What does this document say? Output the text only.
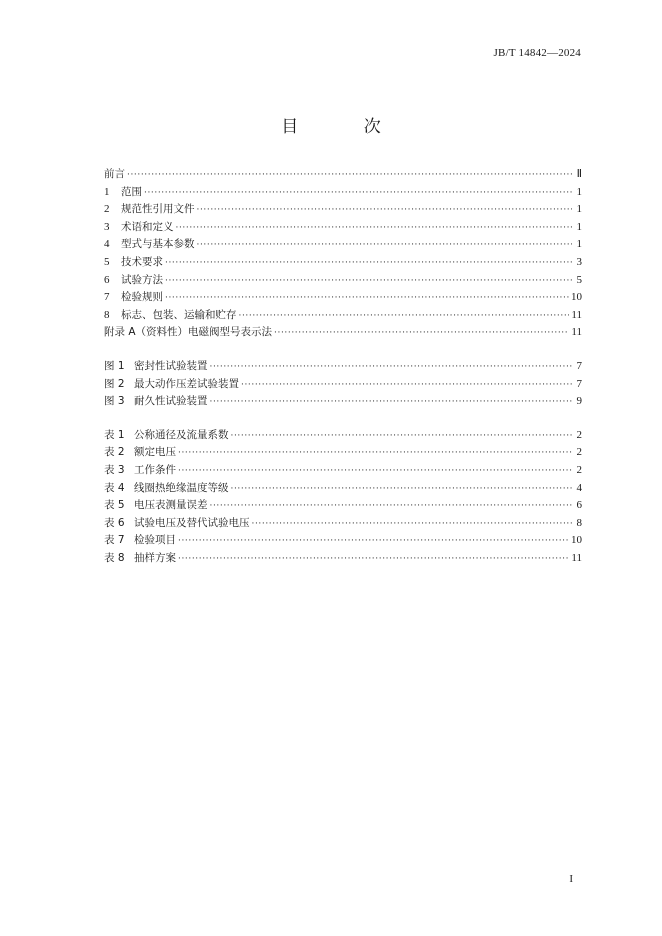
JB/T 14842—2024
目 次
前言 ·····	Ⅱ
1	范围 ·····	1
2	规范性引用文件 ·····	1
3	术语和定义 ·····	1
4	型式与基本参数 ·····	1
5	技术要求 ·····	3
6	试验方法 ·····	5
7	检验规则 ·····	10
8	标志、包装、运输和贮存 ·····	11
附录 A （资料性）电磁阀型号表示法 ·····	11
图 1 密封性试验装置 ·····	7
图 2 最大动作压差试验装置 ·····	7
图 3 耐久性试验装置 ·····	9
表 1 公称通径及流量系数 ·····	2
表 2 额定电压 ·····	2
表 3 工作条件 ·····	2
表 4 线圈热绝缘温度等级 ·····	4
表 5 电压表测量误差 ·····	6
表 6 试验电压及替代试验电压 ·····	8
表 7 检验项目 ·····	10
表 8 抽样方案 ·····	11
I
